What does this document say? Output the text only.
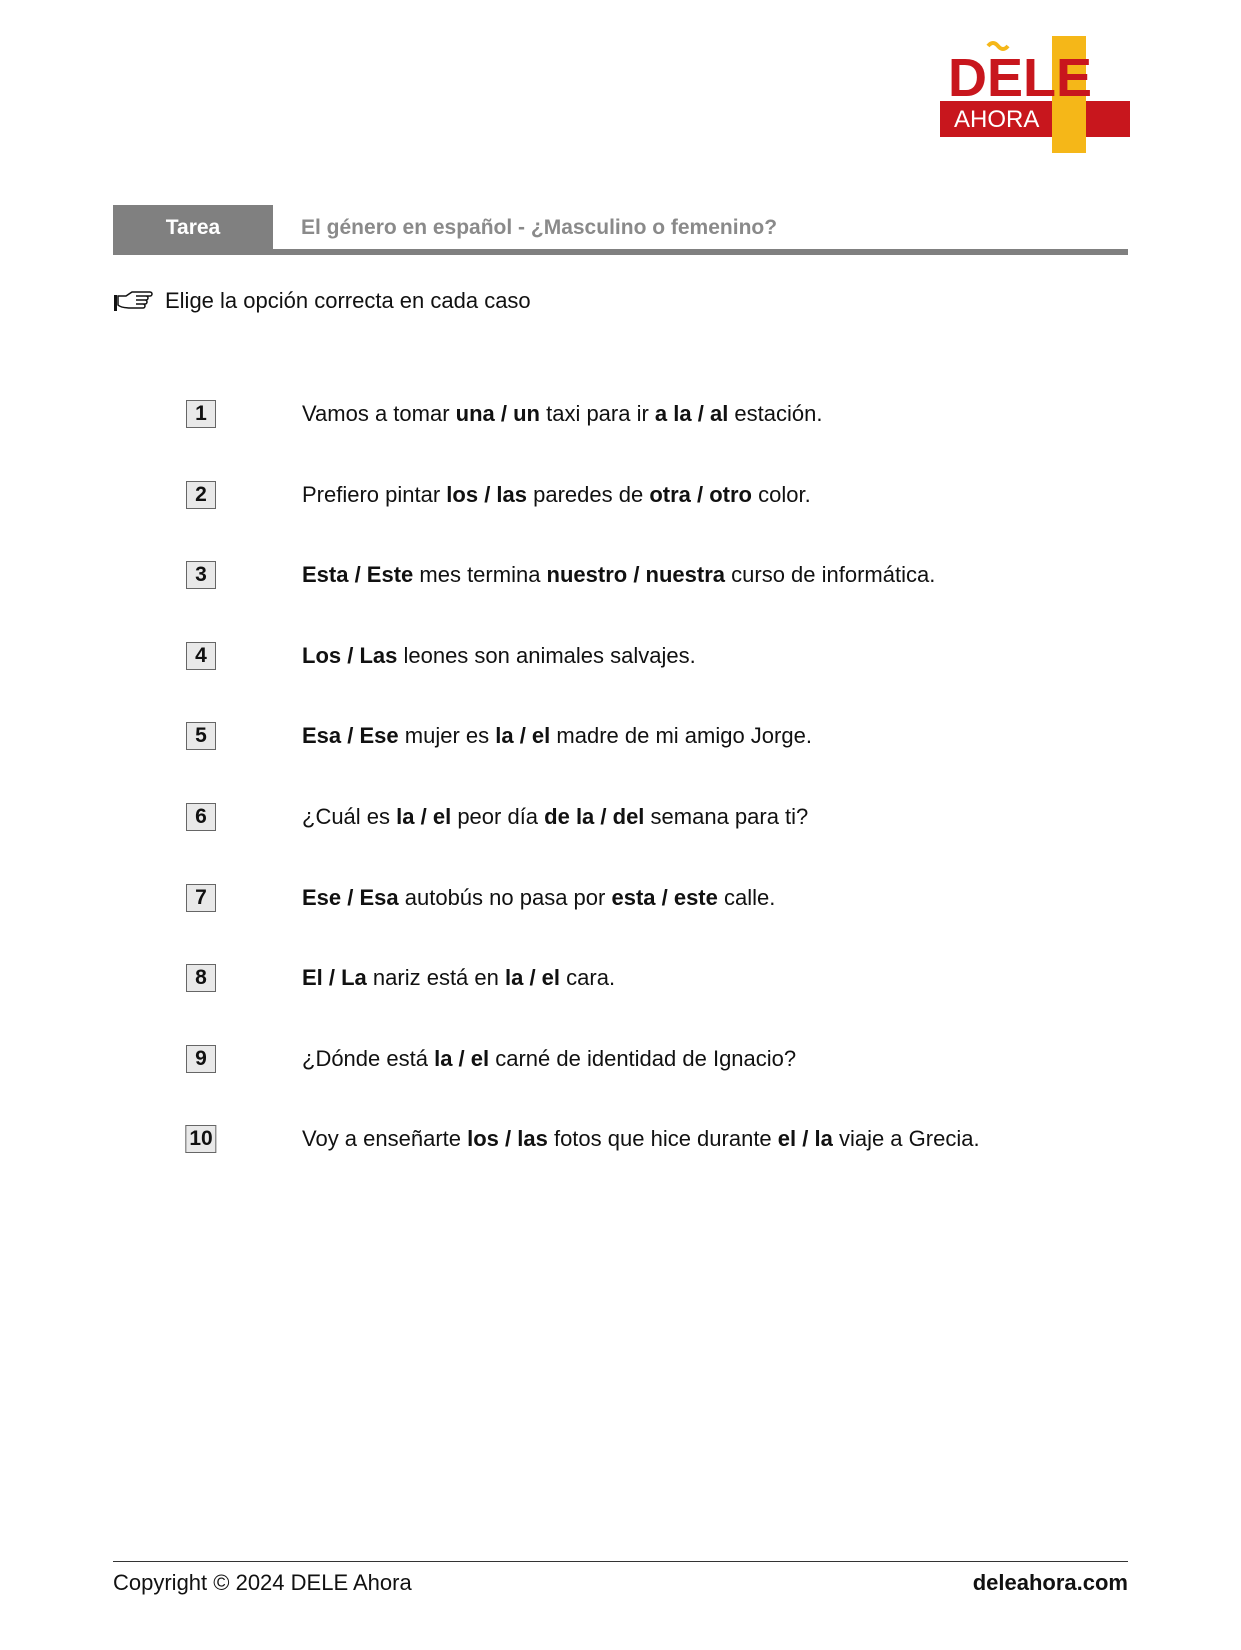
DELE
AHORA
Tarea	El género en español - ¿Masculino o femenino?
Elige la opción correcta en cada caso
1	Vamos a tomar una / un taxi para ir a la / al estación.
2	Prefiero pintar los / las paredes de otra / otro color.
3	Esta / Este mes termina nuestro / nuestra curso de informática.
4	Los / Las leones son animales salvajes.
5	Esa / Ese mujer es la / el madre de mi amigo Jorge.
6	¿Cuál es la / el peor día de la / del semana para ti?
7	Ese / Esa autobús no pasa por esta / este calle.
8	El / La nariz está en la / el cara.
9	¿Dónde está la / el carné de identidad de Ignacio?
10	Voy a enseñarte los / las fotos que hice durante el / la viaje a Grecia.
Copyright © 2024 DELE Ahora	deleahora.com
